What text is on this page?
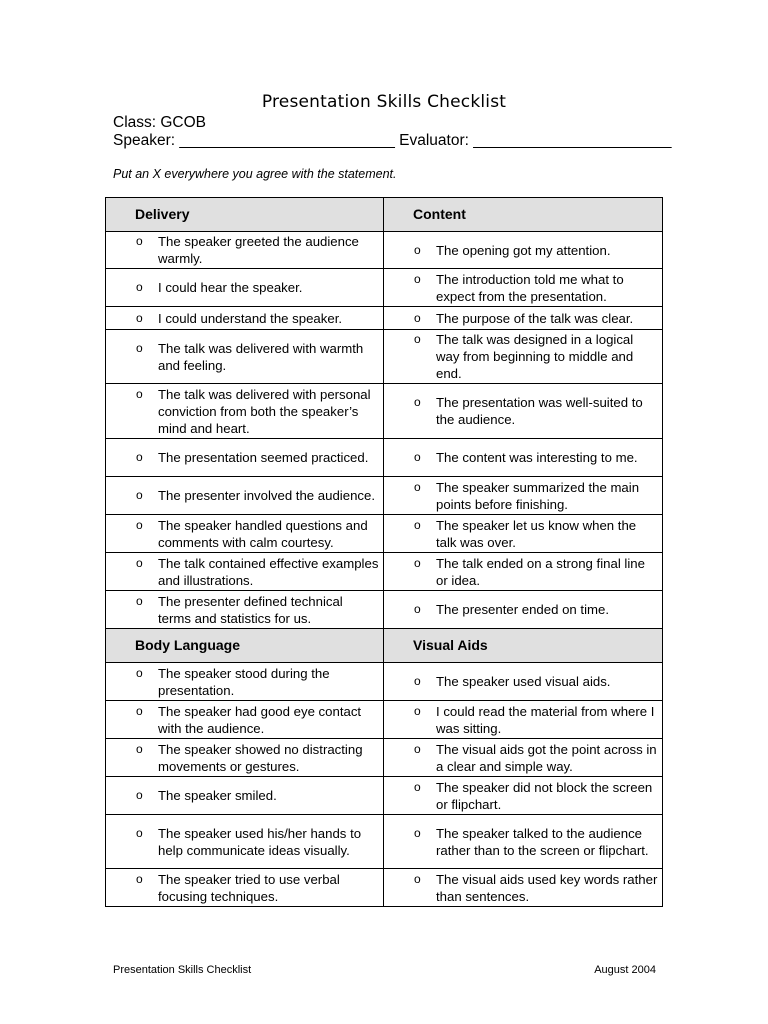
Presentation Skills Checklist
Class: GCOB
Speaker: _________________________ Evaluator: _______________________
Put an X everywhere you agree with the statement.
Delivery	Content

o The speaker greeted the audience warmly.	o The opening got my attention.

o I could hear the speaker.	o The introduction told me what to expect from the presentation.

o I could understand the speaker.	o The purpose of the talk was clear.

o The talk was delivered with warmth and feeling.	o The talk was designed in a logical way from beginning to middle and end.

o The talk was delivered with personal conviction from both the speaker’s mind and heart.	o The presentation was well-suited to the audience.

o The presentation seemed practiced.	o The content was interesting to me.

o The presenter involved the audience.	o The speaker summarized the main points before finishing.

o The speaker handled questions and comments with calm courtesy.	o The speaker let us know when the talk was over.

o The talk contained effective examples and illustrations.	o The talk ended on a strong final line or idea.

o The presenter defined technical terms and statistics for us.	o The presenter ended on time.

Body Language	Visual Aids

o The speaker stood during the presentation.	o The speaker used visual aids.

o The speaker had good eye contact with the audience.	o I could read the material from where I was sitting.

o The speaker showed no distracting movements or gestures.	o The visual aids got the point across in a clear and simple way.

o The speaker smiled.	o The speaker did not block the screen or flipchart.

o The speaker used his/her hands to help communicate ideas visually.	o The speaker talked to the audience rather than to the screen or flipchart.

o The speaker tried to use verbal focusing techniques.	o The visual aids used key words rather than sentences.
Presentation Skills Checklist	August 2004
